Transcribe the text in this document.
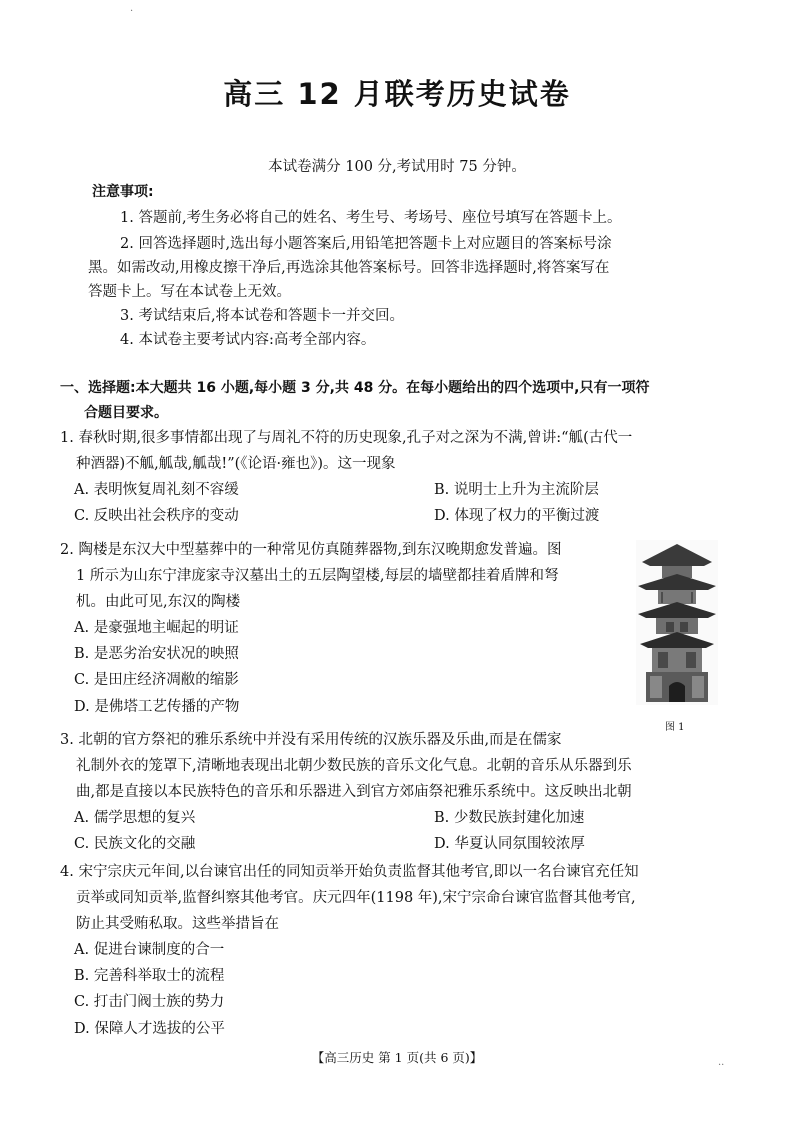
高三 12 月联考历史试卷
本试卷满分 100 分,考试用时 75 分钟。
注意事项:
1. 答题前,考生务必将自己的姓名、考生号、考场号、座位号填写在答题卡上。
2. 回答选择题时,选出每小题答案后,用铅笔把答题卡上对应题目的答案标号涂
黑。如需改动,用橡皮擦干净后,再选涂其他答案标号。回答非选择题时,将答案写在
答题卡上。写在本试卷上无效。
3. 考试结束后,将本试卷和答题卡一并交回。
4. 本试卷主要考试内容:高考全部内容。
一、选择题:本大题共 16 小题,每小题 3 分,共 48 分。在每小题给出的四个选项中,只有一项符
合题目要求。
1. 春秋时期,很多事情都出现了与周礼不符的历史现象,孔子对之深为不满,曾讲:“觚(古代一
种酒器)不觚,觚哉,觚哉!”(《论语·雍也》)。这一现象
A. 表明恢复周礼刻不容缓	B. 说明士上升为主流阶层
C. 反映出社会秩序的变动	D. 体现了权力的平衡过渡
2. 陶楼是东汉大中型墓葬中的一种常见仿真随葬器物,到东汉晚期愈发普遍。图
1 所示为山东宁津庞家寺汉墓出土的五层陶望楼,每层的墙壁都挂着盾牌和弩
机。由此可见,东汉的陶楼
A. 是豪强地主崛起的明证
B. 是恶劣治安状况的映照
C. 是田庄经济凋敝的缩影
D. 是佛塔工艺传播的产物
图 1
3. 北朝的官方祭祀的雅乐系统中并没有采用传统的汉族乐器及乐曲,而是在儒家
礼制外衣的笼罩下,清晰地表现出北朝少数民族的音乐文化气息。北朝的音乐从乐器到乐
曲,都是直接以本民族特色的音乐和乐器进入到官方郊庙祭祀雅乐系统中。这反映出北朝
A. 儒学思想的复兴	B. 少数民族封建化加速
C. 民族文化的交融	D. 华夏认同氛围较浓厚
4. 宋宁宗庆元年间,以台谏官出任的同知贡举开始负责监督其他考官,即以一名台谏官充任知
贡举或同知贡举,监督纠察其他考官。庆元四年(1198 年),宋宁宗命台谏官监督其他考官,
防止其受贿私取。这些举措旨在
A. 促进台谏制度的合一
B. 完善科举取士的流程
C. 打击门阀士族的势力
D. 保障人才选拔的公平
【高三历史 第 1 页(共 6 页)】
·
··
